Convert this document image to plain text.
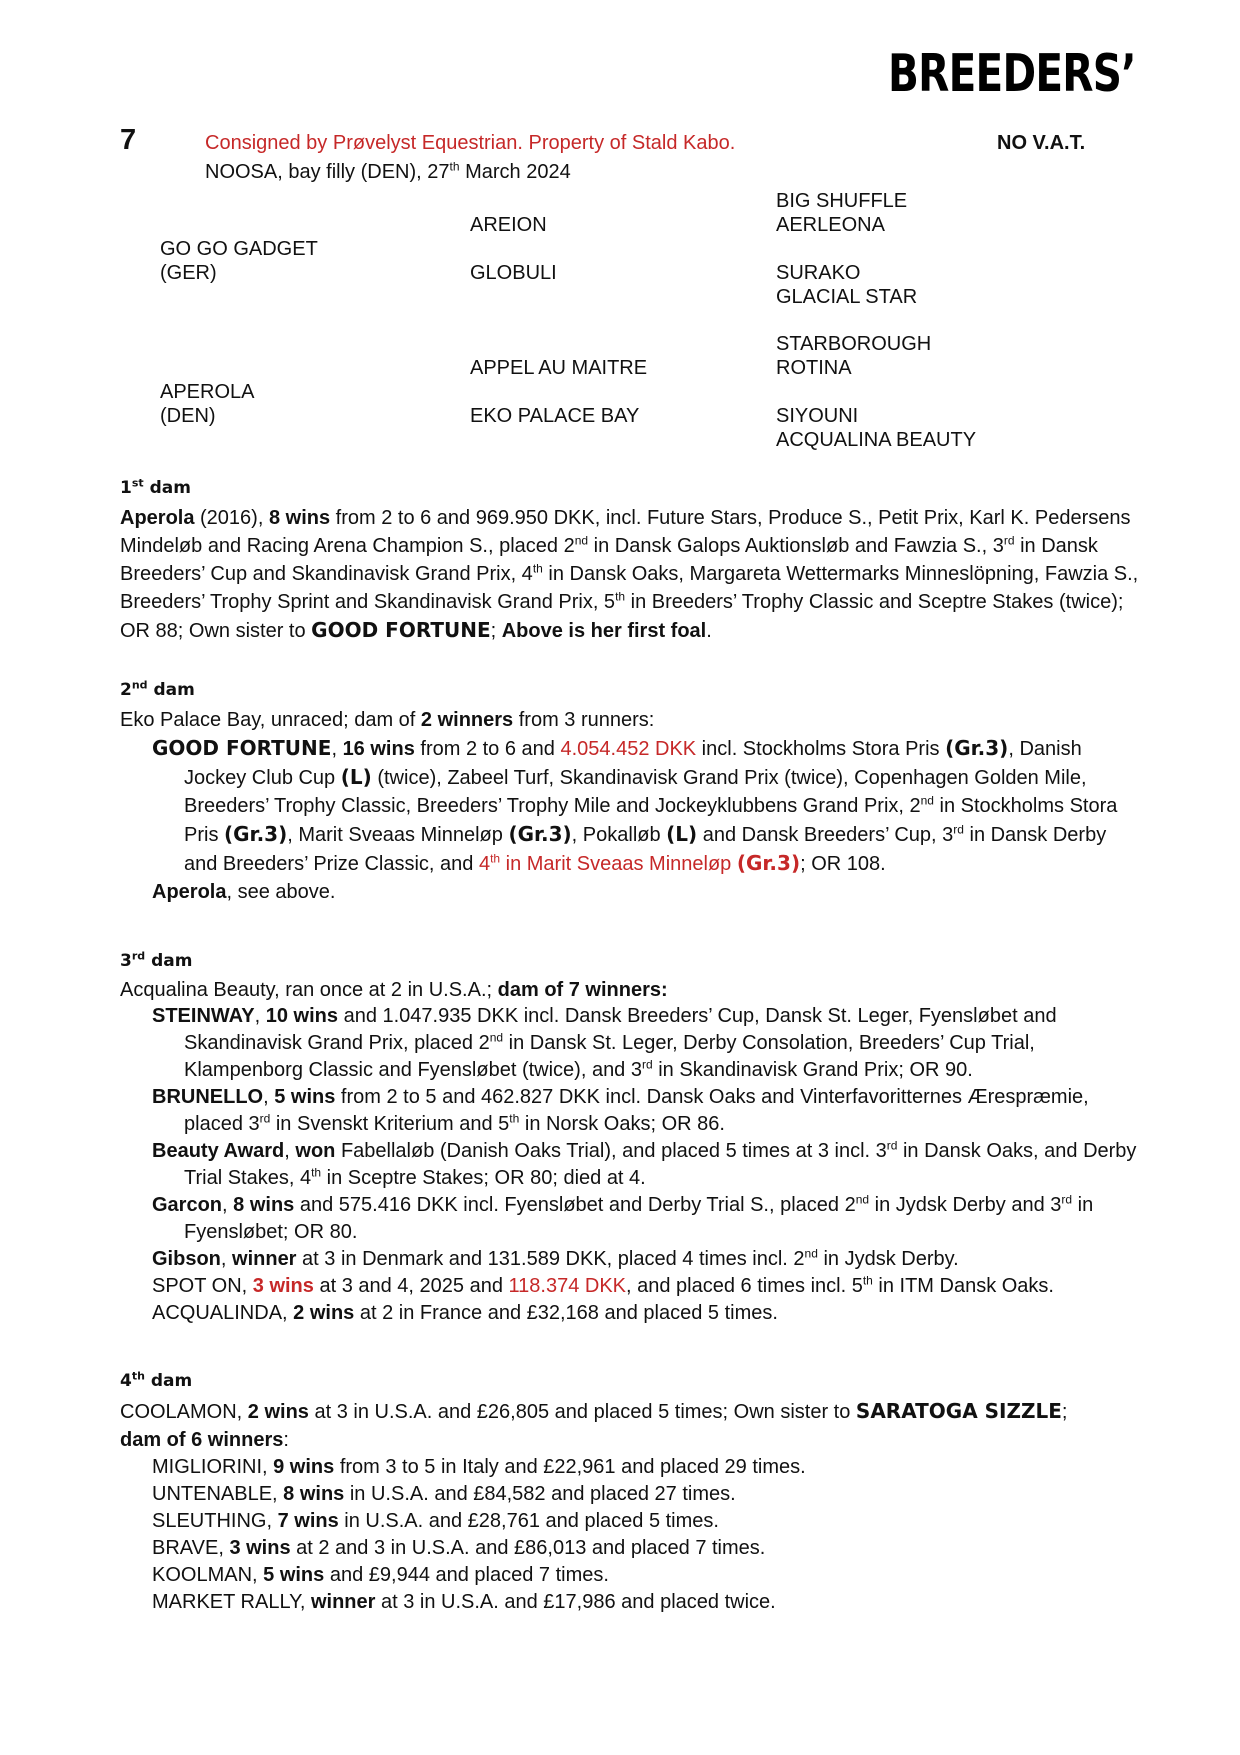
BREEDERS’
7	Consigned by Prøvelyst Equestrian. Property of Stald Kabo.	NO V.A.T.
NOOSA, bay filly (DEN), 27th March 2024
GO GO GADGET
(GER)
APEROLA
(DEN)
AREION
GLOBULI
APPEL AU MAITRE
EKO PALACE BAY
BIG SHUFFLE
AERLEONA
SURAKO
GLACIAL STAR
STARBOROUGH
ROTINA
SIYOUNI
ACQUALINA BEAUTY
1st dam
Aperola (2016), 8 wins from 2 to 6 and 969.950 DKK, incl. Future Stars, Produce S., Petit Prix, Karl K. Pedersens Mindeløb and Racing Arena Champion S., placed 2nd in Dansk Galops Auktionsløb and Fawzia S., 3rd in Dansk Breeders’ Cup and Skandinavisk Grand Prix, 4th in Dansk Oaks, Margareta Wettermarks Minneslöpning, Fawzia S., Breeders’ Trophy Sprint and Skandinavisk Grand Prix, 5th in Breeders’ Trophy Classic and Sceptre Stakes (twice); OR 88; Own sister to GOOD FORTUNE; Above is her first foal.
2nd dam
Eko Palace Bay, unraced; dam of 2 winners from 3 runners:
GOOD FORTUNE, 16 wins from 2 to 6 and 4.054.452 DKK incl. Stockholms Stora Pris (Gr.3), Danish Jockey Club Cup (L) (twice), Zabeel Turf, Skandinavisk Grand Prix (twice), Copenhagen Golden Mile, Breeders’ Trophy Classic, Breeders’ Trophy Mile and Jockeyklubbens Grand Prix, 2nd in Stockholms Stora Pris (Gr.3), Marit Sveaas Minneløp (Gr.3), Pokalløb (L) and Dansk Breeders’ Cup, 3rd in Dansk Derby and Breeders’ Prize Classic, and 4th in Marit Sveaas Minneløp (Gr.3); OR 108.
Aperola, see above.
3rd dam
Acqualina Beauty, ran once at 2 in U.S.A.; dam of 7 winners:
STEINWAY, 10 wins and 1.047.935 DKK incl. Dansk Breeders’ Cup, Dansk St. Leger, Fyensløbet and Skandinavisk Grand Prix, placed 2nd in Dansk St. Leger, Derby Consolation, Breeders’ Cup Trial, Klampenborg Classic and Fyensløbet (twice), and 3rd in Skandinavisk Grand Prix; OR 90.
BRUNELLO, 5 wins from 2 to 5 and 462.827 DKK incl. Dansk Oaks and Vinterfavoritternes Ærespræmie, placed 3rd in Svenskt Kriterium and 5th in Norsk Oaks; OR 86.
Beauty Award, won Fabellaløb (Danish Oaks Trial), and placed 5 times at 3 incl. 3rd in Dansk Oaks, and Derby Trial Stakes, 4th in Sceptre Stakes; OR 80; died at 4.
Garcon, 8 wins and 575.416 DKK incl. Fyensløbet and Derby Trial S., placed 2nd in Jydsk Derby and 3rd in Fyensløbet; OR 80.
Gibson, winner at 3 in Denmark and 131.589 DKK, placed 4 times incl. 2nd in Jydsk Derby.
SPOT ON, 3 wins at 3 and 4, 2025 and 118.374 DKK, and placed 6 times incl. 5th in ITM Dansk Oaks.
ACQUALINDA, 2 wins at 2 in France and £32,168 and placed 5 times.
4th dam
COOLAMON, 2 wins at 3 in U.S.A. and £26,805 and placed 5 times; Own sister to SARATOGA SIZZLE;
dam of 6 winners:
MIGLIORINI, 9 wins from 3 to 5 in Italy and £22,961 and placed 29 times.
UNTENABLE, 8 wins in U.S.A. and £84,582 and placed 27 times.
SLEUTHING, 7 wins in U.S.A. and £28,761 and placed 5 times.
BRAVE, 3 wins at 2 and 3 in U.S.A. and £86,013 and placed 7 times.
KOOLMAN, 5 wins and £9,944 and placed 7 times.
MARKET RALLY, winner at 3 in U.S.A. and £17,986 and placed twice.
